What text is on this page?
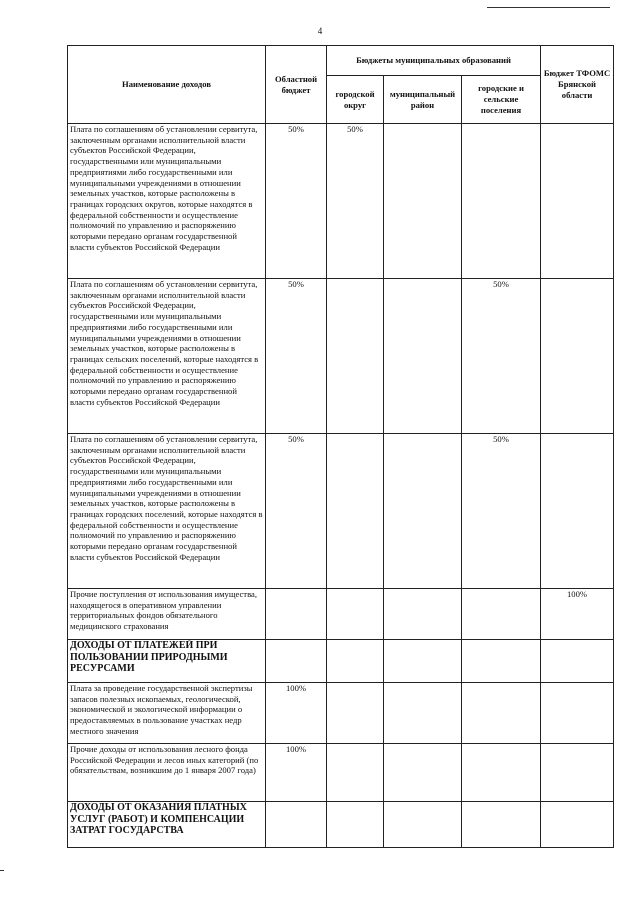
4
Наименование доходов	Областной бюджет	Бюджеты муниципальных образований			Бюджет ТФОМС Брянской области
		городской округ	муниципальный район	городские и сельские поселения	
Плата по соглашениям об установлении сервитута, заключенным органами исполнительной власти субъектов Российской Федерации, государственными или муниципальными предприятиями либо государственными или муниципальными учреждениями в отношении земельных участков, которые расположены в границах городских округов, которые находятся в федеральной собственности и осуществление полномочий по управлению и распоряжению которыми передано органам государственной власти субъектов Российской Федерации	50%	50%			
Плата по соглашениям об установлении сервитута, заключенным органами исполнительной власти субъектов Российской Федерации, государственными или муниципальными предприятиями либо государственными или муниципальными учреждениями в отношении земельных участков, которые расположены в границах сельских поселений, которые находятся в федеральной собственности и осуществление полномочий по управлению и распоряжению которыми передано органам государственной власти субъектов Российской Федерации	50%			50%	
Плата по соглашениям об установлении сервитута, заключенным органами исполнительной власти субъектов Российской Федерации, государственными или муниципальными предприятиями либо государственными или муниципальными учреждениями в отношении земельных участков, которые расположены в границах городских поселений, которые находятся в федеральной собственности и осуществление полномочий по управлению и распоряжению которыми передано органам государственной власти субъектов Российской Федерации	50%			50%	
Прочие поступления от использования имущества, находящегося в оперативном управлении территориальных фондов обязательного медицинского страхования					100%
ДОХОДЫ ОТ ПЛАТЕЖЕЙ ПРИ ПОЛЬЗОВАНИИ ПРИРОДНЫМИ РЕСУРСАМИ					
Плата за проведение государственной экспертизы запасов полезных ископаемых, геологической, экономической и экологической информации о предоставляемых в пользование участках недр местного значения	100%				
Прочие доходы от использования лесного фонда Российской Федерации и лесов иных категорий (по обязательствам, возникшим до 1 января 2007 года)	100%				
ДОХОДЫ ОТ ОКАЗАНИЯ ПЛАТНЫХ УСЛУГ (РАБОТ) И КОМПЕНСАЦИИ ЗАТРАТ ГОСУДАРСТВА					
